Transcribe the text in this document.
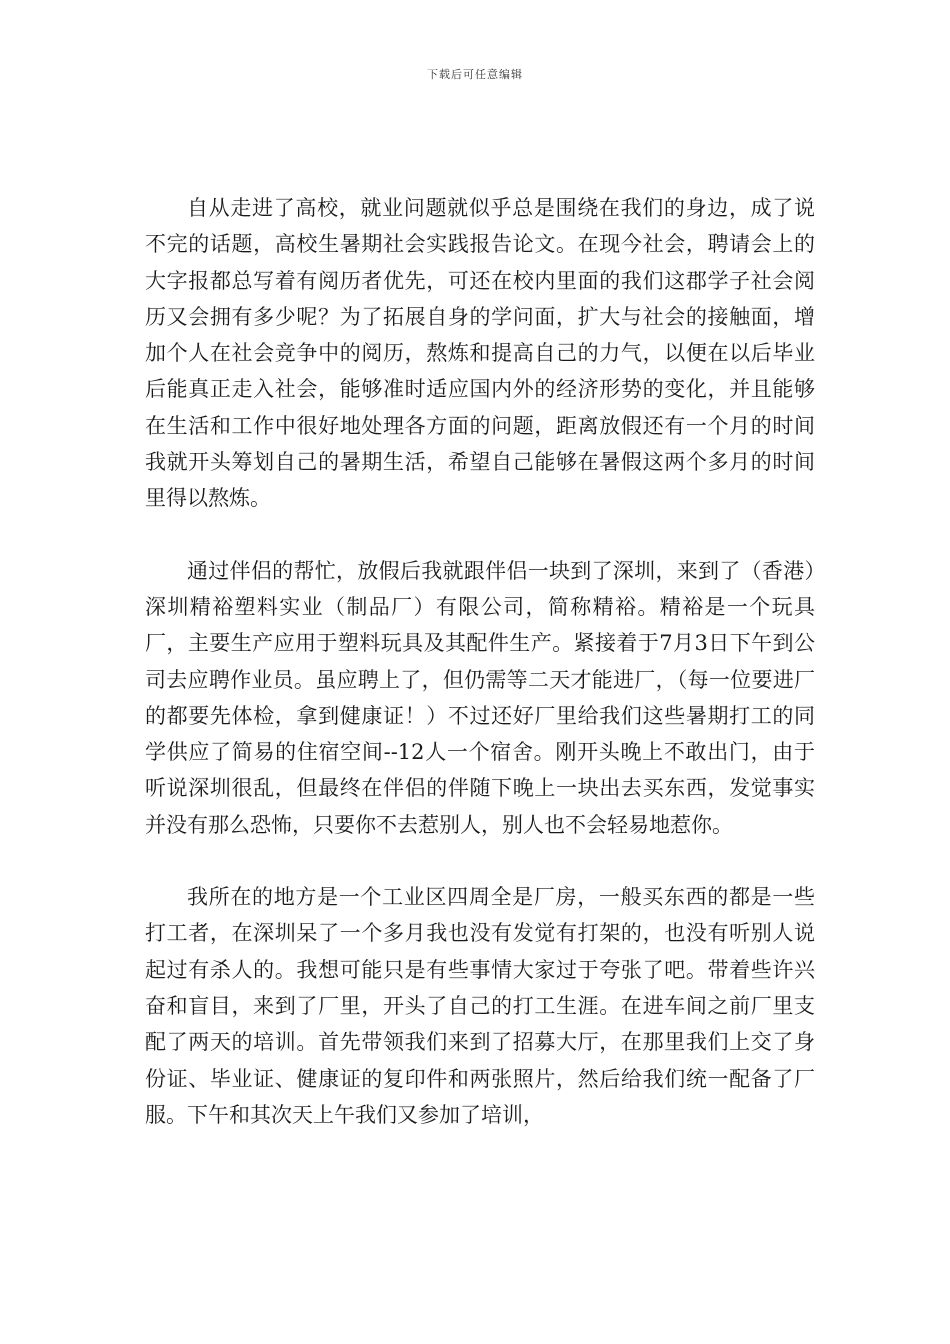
下载后可任意编辑

自从走进了高校，就业问题就似乎总是围绕在我们的身边，成了说不完的话题，高校生暑期社会实践报告论文。在现今社会，聘请会上的大字报都总写着有阅历者优先，可还在校内里面的我们这郡学子社会阅历又会拥有多少呢？为了拓展自身的学问面，扩大与社会的接触面，增加个人在社会竞争中的阅历，熬炼和提高自己的力气，以便在以后毕业后能真正走入社会，能够准时适应国内外的经济形势的变化，并且能够在生活和工作中很好地处理各方面的问题，距离放假还有一个月的时间我就开头筹划自己的暑期生活，希望自己能够在暑假这两个多月的时间里得以熬炼。

通过伴侣的帮忙，放假后我就跟伴侣一块到了深圳，来到了（香港）深圳精裕塑料实业（制品厂）有限公司，简称精裕。精裕是一个玩具厂，主要生产应用于塑料玩具及其配件生产。紧接着于7月3日下午到公司去应聘作业员。虽应聘上了，但仍需等二天才能进厂，（每一位要进厂的都要先体检，拿到健康证！）不过还好厂里给我们这些暑期打工的同学供应了简易的住宿空间--12人一个宿舍。刚开头晚上不敢出门，由于听说深圳很乱，但最终在伴侣的伴随下晚上一块出去买东西，发觉事实并没有那么恐怖，只要你不去惹别人，别人也不会轻易地惹你。

我所在的地方是一个工业区四周全是厂房，一般买东西的都是一些打工者，在深圳呆了一个多月我也没有发觉有打架的，也没有听别人说起过有杀人的。我想可能只是有些事情大家过于夸张了吧。带着些许兴奋和盲目，来到了厂里，开头了自己的打工生涯。在进车间之前厂里支配了两天的培训。首先带领我们来到了招募大厅，在那里我们上交了身份证、毕业证、健康证的复印件和两张照片，然后给我们统一配备了厂服。下午和其次天上午我们又参加了培训，
